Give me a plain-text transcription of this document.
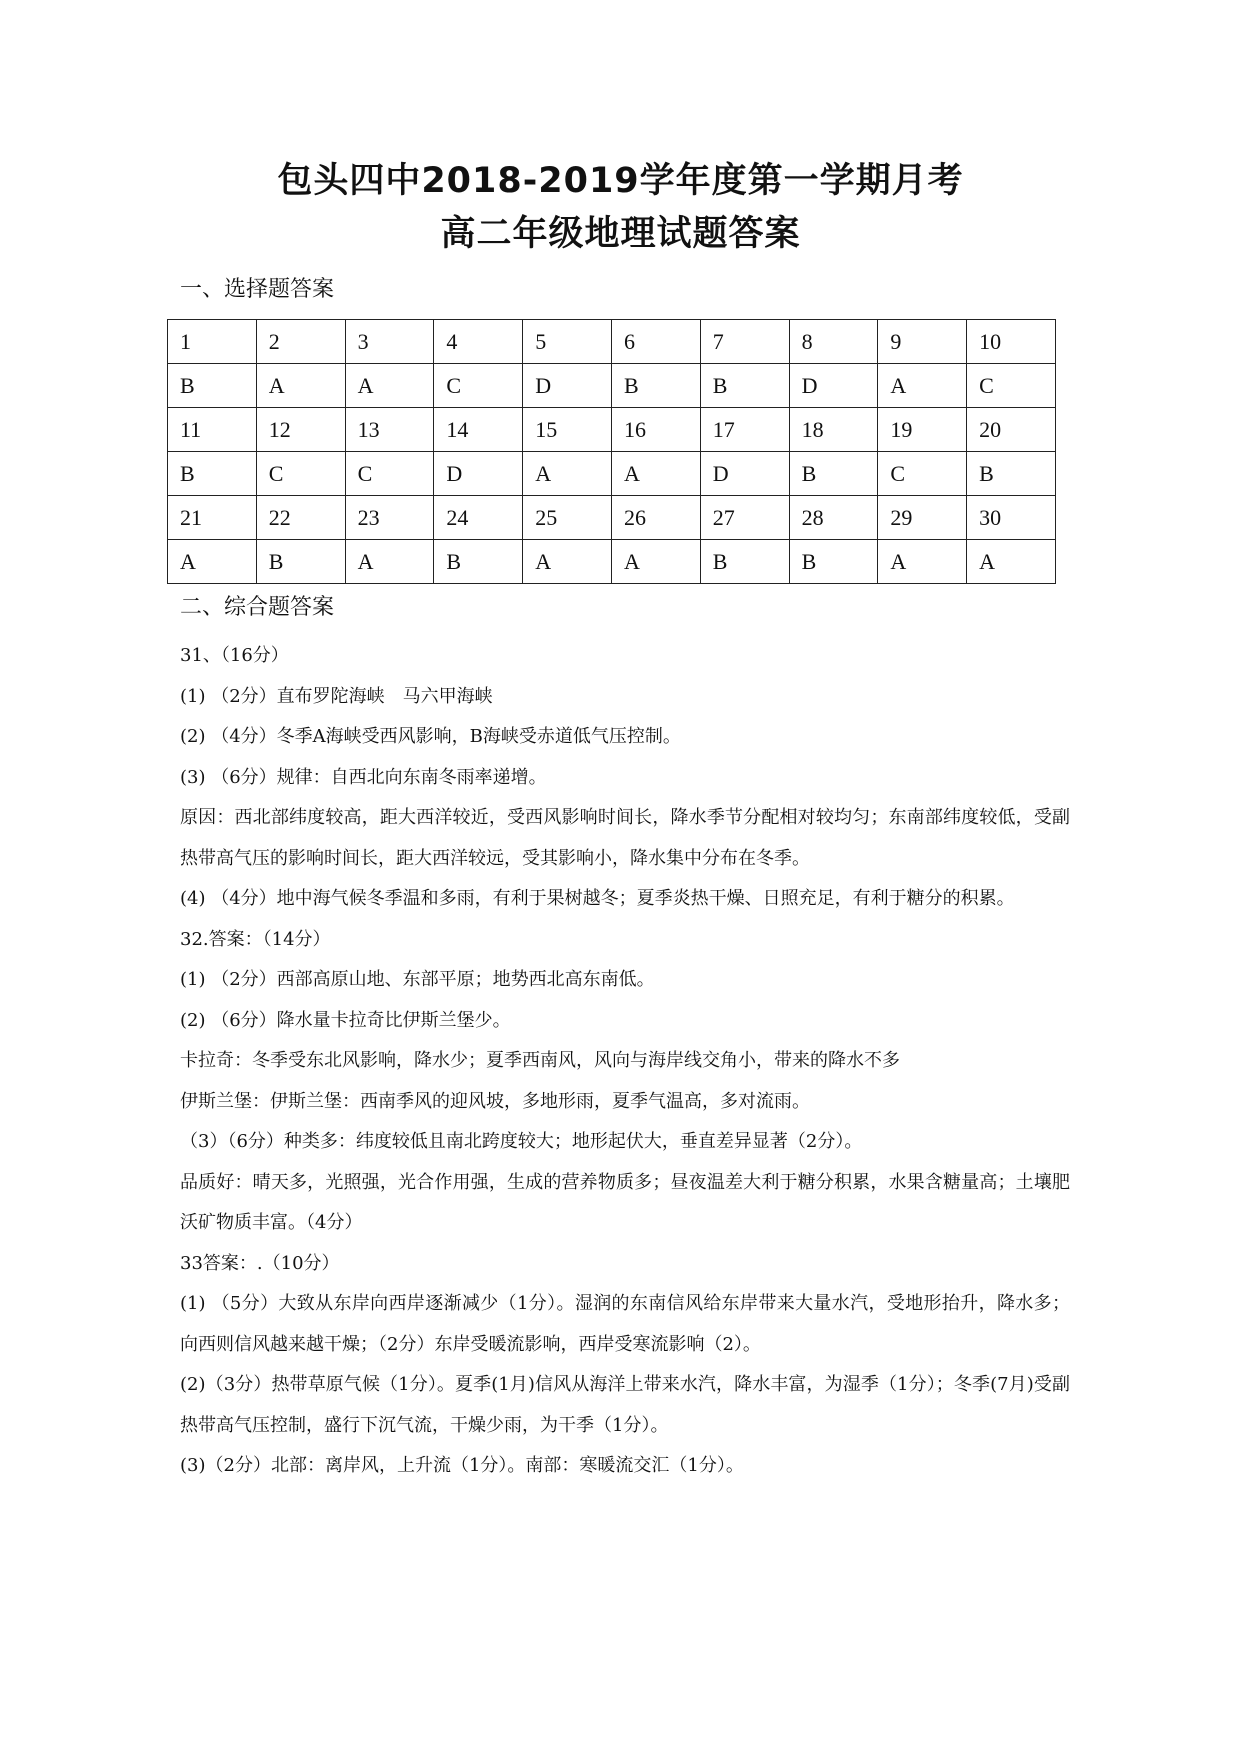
包头四中2018-2019学年度第一学期月考
高二年级地理试题答案
一、选择题答案
1	2	3	4	5	6	7	8	9	10
B	A	A	C	D	B	B	D	A	C
11	12	13	14	15	16	17	18	19	20
B	C	C	D	A	A	D	B	C	B
21	22	23	24	25	26	27	28	29	30
A	B	A	B	A	A	B	B	A	A
二、综合题答案

31、（16分）

(1) （2分）直布罗陀海峡　马六甲海峡

(2) （4分）冬季A海峡受西风影响，B海峡受赤道低气压控制。

(3) （6分）规律：自西北向东南冬雨率递增。

原因：西北部纬度较高，距大西洋较近，受西风影响时间长，降水季节分配相对较均匀；东南部纬度较低，受副热带高气压的影响时间长，距大西洋较远，受其影响小，降水集中分布在冬季。

(4) （4分）地中海气候冬季温和多雨，有利于果树越冬；夏季炎热干燥、日照充足，有利于糖分的积累。

32.答案：（14分）

(1) （2分）西部高原山地、东部平原；地势西北高东南低。

(2) （6分）降水量卡拉奇比伊斯兰堡少。

卡拉奇：冬季受东北风影响，降水少；夏季西南风，风向与海岸线交角小，带来的降水不多

伊斯兰堡：伊斯兰堡：西南季风的迎风坡，多地形雨，夏季气温高，多对流雨。

（3）（6分）种类多：纬度较低且南北跨度较大；地形起伏大，垂直差异显著（2分）。

品质好：晴天多，光照强，光合作用强，生成的营养物质多；昼夜温差大利于糖分积累，水果含糖量高；土壤肥沃矿物质丰富。（4分）

33答案：.（10分）

(1) （5分）大致从东岸向西岸逐渐减少（1分）。湿润的东南信风给东岸带来大量水汽，受地形抬升，降水多；向西则信风越来越干燥；（2分）东岸受暖流影响，西岸受寒流影响（2）。

(2)（3分）热带草原气候（1分）。夏季(1月)信风从海洋上带来水汽，降水丰富，为湿季（1分）；冬季(7月)受副热带高气压控制，盛行下沉气流，干燥少雨，为干季（1分）。

(3)（2分）北部：离岸风，上升流（1分）。南部：寒暖流交汇（1分）。
